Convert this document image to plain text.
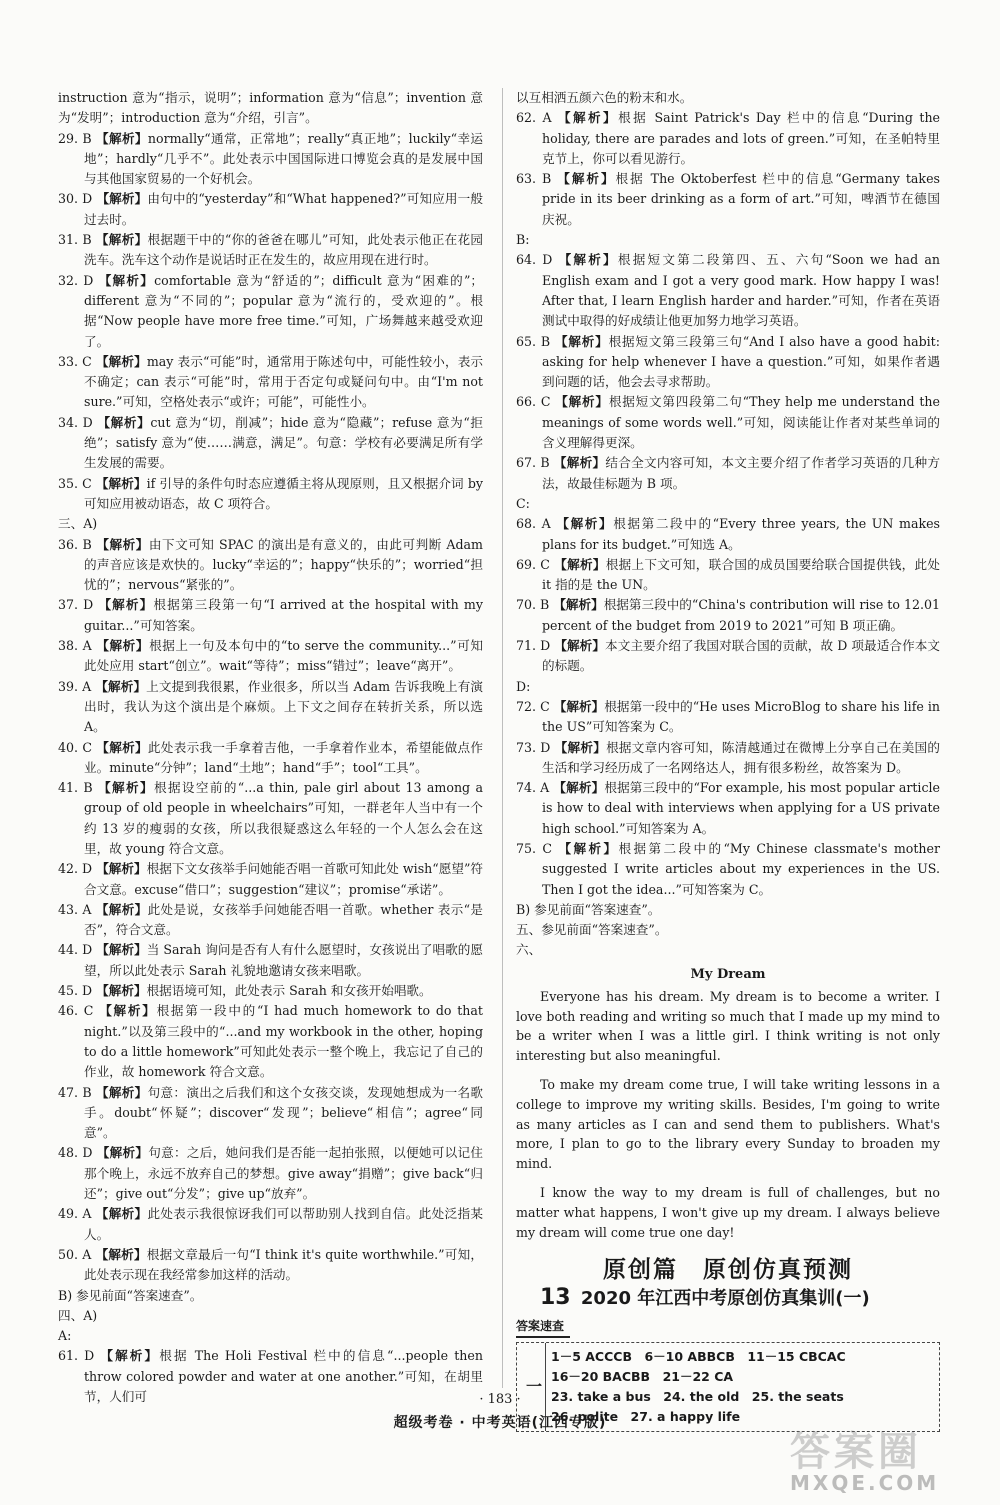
instruction 意为“指示，说明”；information 意为“信息”；invention 意为“发明”；introduction 意为“介绍，引言”。

29. B 【解析】normally“通常，正常地”；really“真正地”；luckily“幸运地”；hardly“几乎不”。此处表示中国国际进口博览会真的是发展中国与其他国家贸易的一个好机会。

30. D 【解析】由句中的“yesterday”和“What happened?”可知应用一般过去时。

31. B 【解析】根据题干中的“你的爸爸在哪儿”可知，此处表示他正在花园洗车。洗车这个动作是说话时正在发生的，故应用现在进行时。

32. D 【解析】comfortable 意为“舒适的”；difficult 意为“困难的”；different 意为“不同的”；popular 意为“流行的，受欢迎的”。根据“Now people have more free time.”可知，广场舞越来越受欢迎了。

33. C 【解析】may 表示“可能”时，通常用于陈述句中，可能性较小，表示不确定；can 表示“可能”时，常用于否定句或疑问句中。由“I'm not sure.”可知，空格处表示“或许；可能”，可能性小。

34. D 【解析】cut 意为“切，削减”；hide 意为“隐藏”；refuse 意为“拒绝”；satisfy 意为“使……满意，满足”。句意：学校有必要满足所有学生发展的需要。

35. C 【解析】if 引导的条件句时态应遵循主将从现原则，且又根据介词 by 可知应用被动语态，故 C 项符合。

三、A)

36. B 【解析】由下文可知 SPAC 的演出是有意义的，由此可判断 Adam 的声音应该是欢快的。lucky“幸运的”；happy“快乐的”；worried“担忧的”；nervous“紧张的”。

37. D 【解析】根据第三段第一句“I arrived at the hospital with my guitar...”可知答案。

38. A 【解析】根据上一句及本句中的“to serve the community...”可知此处应用 start“创立”。wait“等待”；miss“错过”；leave“离开”。

39. A 【解析】上文提到我很累，作业很多，所以当 Adam 告诉我晚上有演出时，我认为这个演出是个麻烦。上下文之间存在转折关系，所以选 A。

40. C 【解析】此处表示我一手拿着吉他，一手拿着作业本，希望能做点作业。minute“分钟”；land“土地”；hand“手”；tool“工具”。

41. B 【解析】根据设空前的“...a thin, pale girl about 13 among a group of old people in wheelchairs”可知，一群老年人当中有一个约 13 岁的瘦弱的女孩，所以我很疑惑这么年轻的一个人怎么会在这里，故 young 符合文意。

42. D 【解析】根据下文女孩举手问她能否唱一首歌可知此处 wish“愿望”符合文意。excuse“借口”；suggestion“建议”；promise“承诺”。

43. A 【解析】此处是说，女孩举手问她能否唱一首歌。whether 表示“是否”，符合文意。

44. D 【解析】当 Sarah 询问是否有人有什么愿望时，女孩说出了唱歌的愿望，所以此处表示 Sarah 礼貌地邀请女孩来唱歌。

45. D 【解析】根据语境可知，此处表示 Sarah 和女孩开始唱歌。

46. C 【解析】根据第一段中的“I had much homework to do that night.”以及第三段中的“...and my workbook in the other, hoping to do a little homework”可知此处表示一整个晚上，我忘记了自己的作业，故 homework 符合文意。

47. B 【解析】句意：演出之后我们和这个女孩交谈，发现她想成为一名歌手。doubt“怀疑”；discover“发现”；believe“相信”；agree“同意”。

48. D 【解析】句意：之后，她问我们是否能一起拍张照，以便她可以记住那个晚上，永远不放弃自己的梦想。give away“捐赠”；give back“归还”；give out“分发”；give up“放弃”。

49. A 【解析】此处表示我很惊讶我们可以帮助别人找到自信。此处泛指某人。

50. A 【解析】根据文章最后一句“I think it's quite worthwhile.”可知，此处表示现在我经常参加这样的活动。

B) 参见前面“答案速查”。

四、A)

A:

61. D 【解析】根据 The Holi Festival 栏中的信息“...people then throw colored powder and water at one another.”可知，在胡里节，人们可

以互相洒五颜六色的粉末和水。

62. A 【解析】根据 Saint Patrick's Day 栏中的信息“During the holiday, there are parades and lots of green.”可知，在圣帕特里克节上，你可以看见游行。

63. B 【解析】根据 The Oktoberfest 栏中的信息“Germany takes pride in its beer drinking as a form of art.”可知，啤酒节在德国庆祝。

B:

64. D 【解析】根据短文第二段第四、五、六句“Soon we had an English exam and I got a very good mark. How happy I was! After that, I learn English harder and harder.”可知，作者在英语测试中取得的好成绩让他更加努力地学习英语。

65. B 【解析】根据短文第三段第三句“And I also have a good habit: asking for help whenever I have a question.”可知，如果作者遇到问题的话，他会去寻求帮助。

66. C 【解析】根据短文第四段第二句“They help me understand the meanings of some words well.”可知，阅读能让作者对某些单词的含义理解得更深。

67. B 【解析】结合全文内容可知，本文主要介绍了作者学习英语的几种方法，故最佳标题为 B 项。

C:

68. A 【解析】根据第二段中的“Every three years, the UN makes plans for its budget.”可知选 A。

69. C 【解析】根据上下文可知，联合国的成员国要给联合国提供钱，此处 it 指的是 the UN。

70. B 【解析】根据第三段中的“China's contribution will rise to 12.01 percent of the budget from 2019 to 2021”可知 B 项正确。

71. D 【解析】本文主要介绍了我国对联合国的贡献，故 D 项最适合作本文的标题。

D:

72. C 【解析】根据第一段中的“He uses MicroBlog to share his life in the US”可知答案为 C。

73. D 【解析】根据文章内容可知，陈清越通过在微博上分享自己在美国的生活和学习经历成了一名网络达人，拥有很多粉丝，故答案为 D。

74. A 【解析】根据第三段中的“For example, his most popular article is how to deal with interviews when applying for a US private high school.”可知答案为 A。

75. C 【解析】根据第二段中的“My Chinese classmate's mother suggested I write articles about my experiences in the US. Then I got the idea...”可知答案为 C。

B) 参见前面“答案速查”。

五、参见前面“答案速查”。

六、

My Dream

Everyone has his dream. My dream is to become a writer. I love both reading and writing so much that I made up my mind to be a writer when I was a little girl. I think writing is not only interesting but also meaningful.

To make my dream come true, I will take writing lessons in a college to improve my writing skills. Besides, I'm going to write as many articles as I can and send them to publishers. What's more, I plan to go to the library every Sunday to broaden my mind.

I know the way to my dream is full of challenges, but no matter what happens, I won't give up my dream. I always believe my dream will come true one day!

原创篇　原创仿真预测
13 2020 年江西中考原创仿真集训(一)
答案速查
一
1－5 ACCCB　6－10 ABBCB　11－15 CBCAC
16－20 BACBB　21－22 CA
23. take a bus　24. the old　25. the seats
26. polite　27. a happy life
· 183 ·
超级考卷 · 中考英语(江西专版)
答案圈
MXQE.COM
